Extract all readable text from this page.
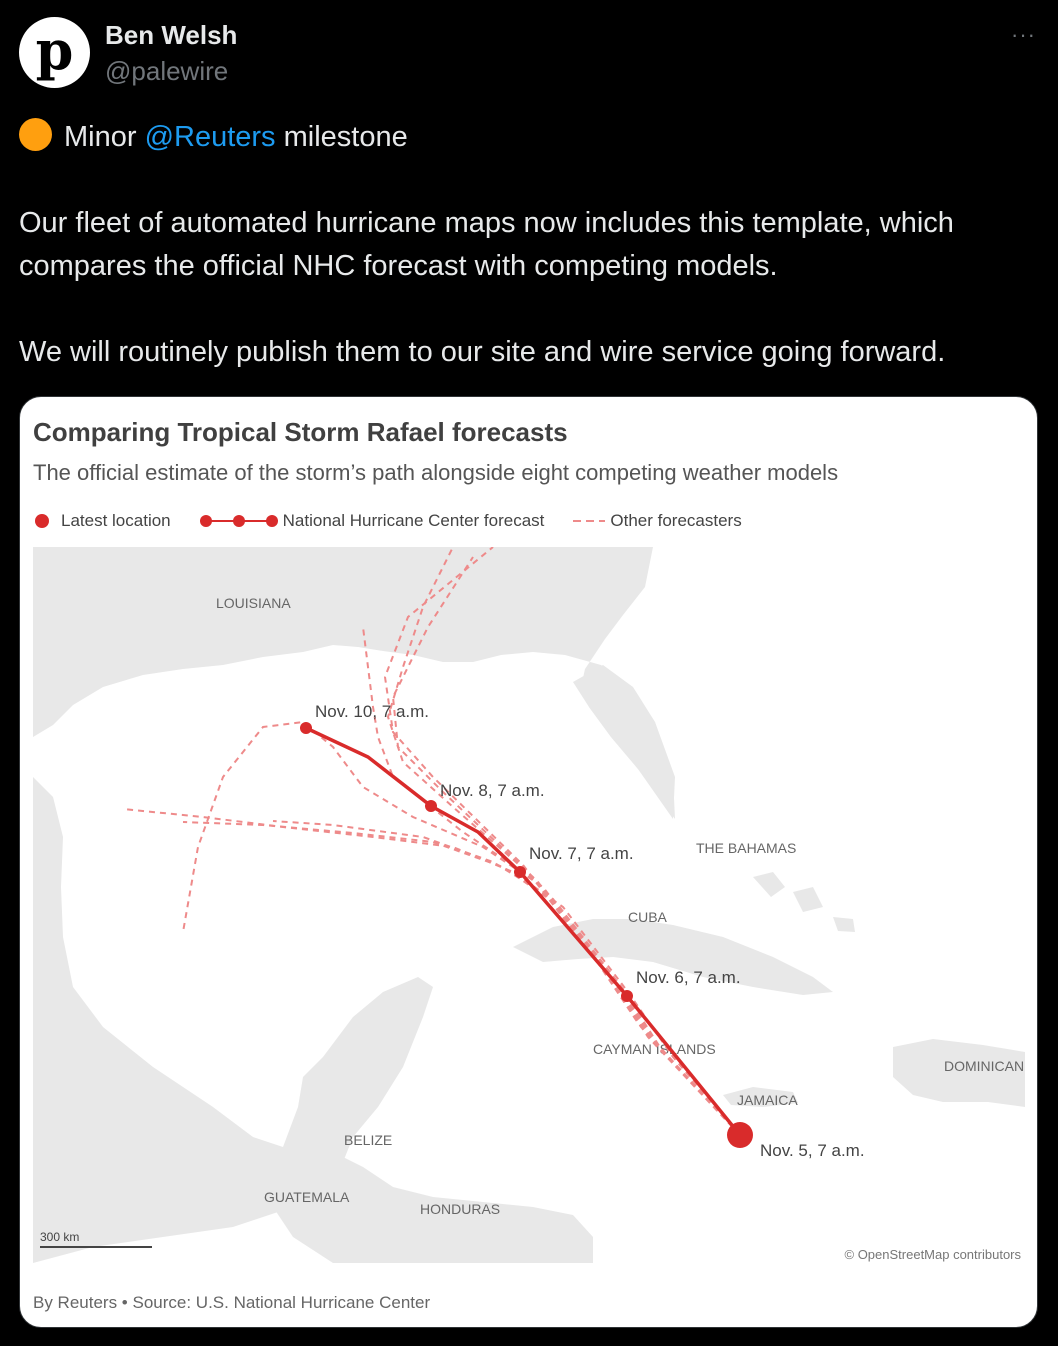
p Ben Welsh
@palewire
···

Minor @Reuters milestone

Our fleet of automated hurricane maps now includes this template, which compares the official NHC forecast with competing models.

We will routinely publish them to our site and wire service going forward.

Comparing Tropical Storm Rafael forecasts
The official estimate of the storm’s path alongside eight competing weather models
Latest location	National Hurricane Center forecast	Other forecasters
LOUISIANA
THE BAHAMAS
CUBA
CAYMAN ISLANDS
JAMAICA
DOMINICAN
BELIZE
GUATEMALA
HONDURAS
Nov. 5, 7 a.m.
Nov. 6, 7 a.m.
Nov. 7, 7 a.m.
Nov. 8, 7 a.m.
Nov. 10, 7 a.m.
300 km
© OpenStreetMap contributors
By Reuters • Source: U.S. National Hurricane Center
